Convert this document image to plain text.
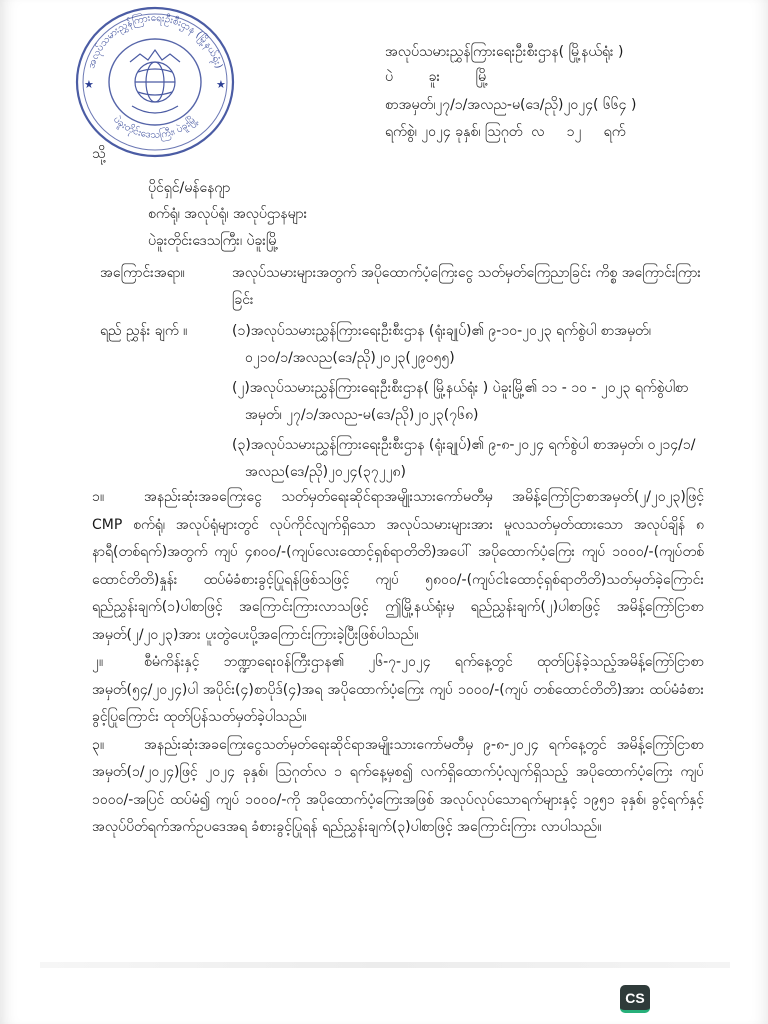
အလုပ်သမားညွှန်ကြားရေးဦးစီးဌာန (မြို့နယ်ရုံး)
ပဲခူးတိုင်းဒေသကြီး၊ ပဲခူးမြို့
★	★
အလုပ်သမားညွှန်ကြားရေးဦးစီးဌာန( မြို့နယ်ရုံး )
ပဲ        ခူး        မြို့
စာအမှတ်၊၂၇/၁/အလည-မ(ဒေ/ညို)၂၀၂၄( ၆၆၄ )
ရက်စွဲ၊ ၂၀၂၄ ခုနှစ်၊ ဩဂုတ်  လ     ၁၂     ရက်
သို့
ပိုင်ရှင်/မန်နေဂျာ
စက်ရုံ၊ အလုပ်ရုံ၊ အလုပ်ဌာနများ
ပဲခူးတိုင်းဒေသကြီး၊ ပဲခူးမြို့
အကြောင်းအရာ။	အလုပ်သမားများအတွက် အပိုထောက်ပံ့ကြေးငွေ သတ်မှတ်ကြေညာခြင်း ကိစ္စ အကြောင်းကြားခြင်း
ရည် ညွှန်း ချက် ။	(၁)အလုပ်သမားညွှန်ကြားရေးဦးစီးဌာန (ရုံးချုပ်)၏ ၉-၁၀-၂၀၂၃ ရက်စွဲပါ စာအမှတ်၊ ၀၂၁၀/၁/အလည(ဒေ/ညို)၂၀၂၃(၂၉၀၅၅)

(၂)အလုပ်သမားညွှန်ကြားရေးဦးစီးဌာန( မြို့နယ်ရုံး ) ပဲခူးမြို့၏ ၁၁ - ၁၀ - ၂၀၂၃ ရက်စွဲပါစာအမှတ်၊ ၂၇/၁/အလည-မ(ဒေ/ညို)၂၀၂၃(၇၆၈)

(၃)အလုပ်သမားညွှန်ကြားရေးဦးစီးဌာန (ရုံးချုပ်)၏ ၉-၈-၂၀၂၄ ရက်စွဲပါ စာအမှတ်၊ ၀၂၁၄/၁/အလည(ဒေ/ညို)၂၀၂၄(၃၇၂၂၈)

၁။	အနည်းဆုံးအခကြေးငွေ သတ်မှတ်ရေးဆိုင်ရာအမျိုးသားကော်မတီမှ အမိန့်ကြော်ငြာစာအမှတ်(၂/၂၀၂၃)ဖြင့် CMP စက်ရုံ၊ အလုပ်ရုံများတွင် လုပ်ကိုင်လျက်ရှိသော အလုပ်သမားများအား မူလသတ်မှတ်ထားသော အလုပ်ချိန် ၈ နာရီ(တစ်ရက်)အတွက် ကျပ် ၄၈၀၀/-(ကျပ်လေးထောင့်ရှစ်ရာတိတိ)အပေါ် အပိုထောက်ပံ့ကြေး ကျပ် ၁၀၀၀/-(ကျပ်တစ်ထောင်တိတိ)နှုန်း ထပ်မံခံစားခွင့်ပြုရန်ဖြစ်သဖြင့် ကျပ် ၅၈၀၀/-(ကျပ်ငါးထောင့်ရှစ်ရာတိတိ)သတ်မှတ်ခဲ့ကြောင်း ရည်ညွှန်းချက်(၁)ပါစာဖြင့် အကြောင်းကြားလာသဖြင့် ဤမြို့နယ်ရုံးမှ ရည်ညွှန်းချက်(၂)ပါစာဖြင့် အမိန့်ကြော်ငြာစာအမှတ်(၂/၂၀၂၃)အား ပူးတွဲပေးပို့အကြောင်းကြားခဲ့ပြီးဖြစ်ပါသည်။

၂။	စီမံကိန်းနှင့် ဘဏ္ဍာရေးဝန်ကြီးဌာန၏ ၂၆-၇-၂၀၂၄ ရက်နေ့တွင် ထုတ်ပြန်ခဲ့သည့်အမိန့်ကြော်ငြာစာအမှတ်(၅၄/၂၀၂၄)ပါ အပိုင်း(၄)စာပိုဒ်(၄)အရ အပိုထောက်ပံ့ကြေး ကျပ် ၁၀၀၀/-(ကျပ် တစ်ထောင်တိတိ)အား ထပ်မံခံစားခွင့်ပြုကြောင်း ထုတ်ပြန်သတ်မှတ်ခဲ့ပါသည်။

၃။	အနည်းဆုံးအခကြေးငွေသတ်မှတ်ရေးဆိုင်ရာအမျိုးသားကော်မတီမှ ၉-၈-၂၀၂၄ ရက်နေ့တွင် အမိန့်ကြော်ငြာစာအမှတ်(၁/၂၀၂၄)ဖြင့် ၂၀၂၄ ခုနှစ်၊ ဩဂုတ်လ ၁ ရက်နေ့မှစ၍ လက်ရှိထောက်ပံ့လျက်ရှိသည့် အပိုထောက်ပံ့ကြေး ကျပ် ၁၀၀၀/-အပြင် ထပ်မံ၍ ကျပ် ၁၀၀၀/-ကို အပိုထောက်ပံ့ကြေးအဖြစ် အလုပ်လုပ်သောရက်များနှင့် ၁၉၅၁ ခုနှစ်၊ ခွင့်ရက်နှင့် အလုပ်ပိတ်ရက်အက်ဥပဒေအရ ခံစားခွင့်ပြုရန် ရည်ညွှန်းချက်(၃)ပါစာဖြင့် အကြောင်းကြား လာပါသည်။

CS
